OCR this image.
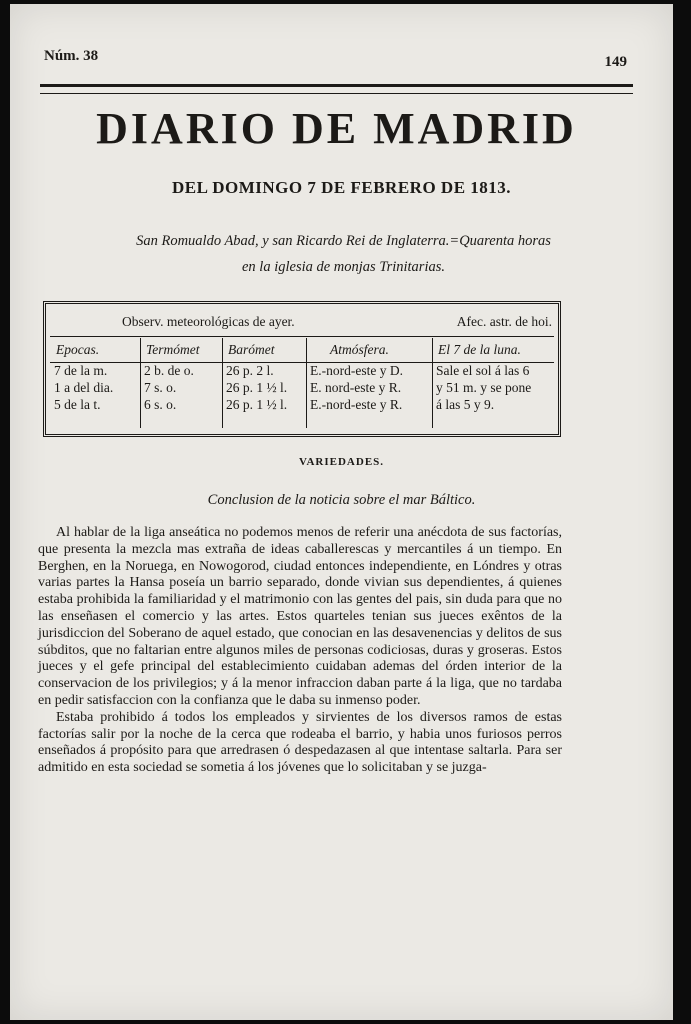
Núm. 38	149
DIARIO DE MADRID
DEL DOMINGO 7 DE FEBRERO DE 1813.

San Romualdo Abad, y san Ricardo Rei de Inglaterra.=Quarenta horas

en la iglesia de monjas Trinitarias.

Observ. meteorológicas de ayer.	Afec. astr. de hoi.
Epocas.
7 de la m.
1 a del dia.
5 de la t.
Termómet
2 b. de o.
7 s. o.
6 s. o.
Barómet
26 p. 2 l.
26 p. 1 ½ l.
26 p. 1 ½ l.
Atmósfera.
E.-nord-este y D.
E. nord-este y R.
E.-nord-este y R.
El 7 de la luna.
Sale el sol á las 6
y 51 m. y se pone
á las 5 y 9.
VARIEDADES.
Conclusion de la noticia sobre el mar Báltico.

Al hablar de la liga anseática no podemos menos de referir una anécdota de sus factorías, que presenta la mezcla mas extraña de ideas caballerescas y mercantiles á un tiempo. En Berghen, en la Noruega, en Nowogorod, ciudad entonces independiente, en Lóndres y otras varias partes la Hansa poseía un barrio separado, donde vivian sus dependientes, á quienes estaba prohibida la familiaridad y el matrimonio con las gentes del pais, sin duda para que no las enseñasen el comercio y las artes. Estos quarteles tenian sus jueces exêntos de la jurisdiccion del Soberano de aquel estado, que conocian en las desavenencias y delitos de sus súbditos, que no faltarian entre algunos miles de personas codiciosas, duras y groseras. Estos jueces y el gefe principal del establecimiento cuidaban ademas del órden interior de la conservacion de los privilegios; y á la menor infraccion daban parte á la liga, que no tardaba en pedir satisfaccion con la confianza que le daba su inmenso poder.

Estaba prohibido á todos los empleados y sirvientes de los diversos ramos de estas factorías salir por la noche de la cerca que rodeaba el barrio, y habia unos furiosos perros enseñados á propósito para que arredrasen ó despedazasen al que intentase saltarla. Para ser admitido en esta sociedad se sometia á los jóvenes que lo solicitaban y se juzga-
